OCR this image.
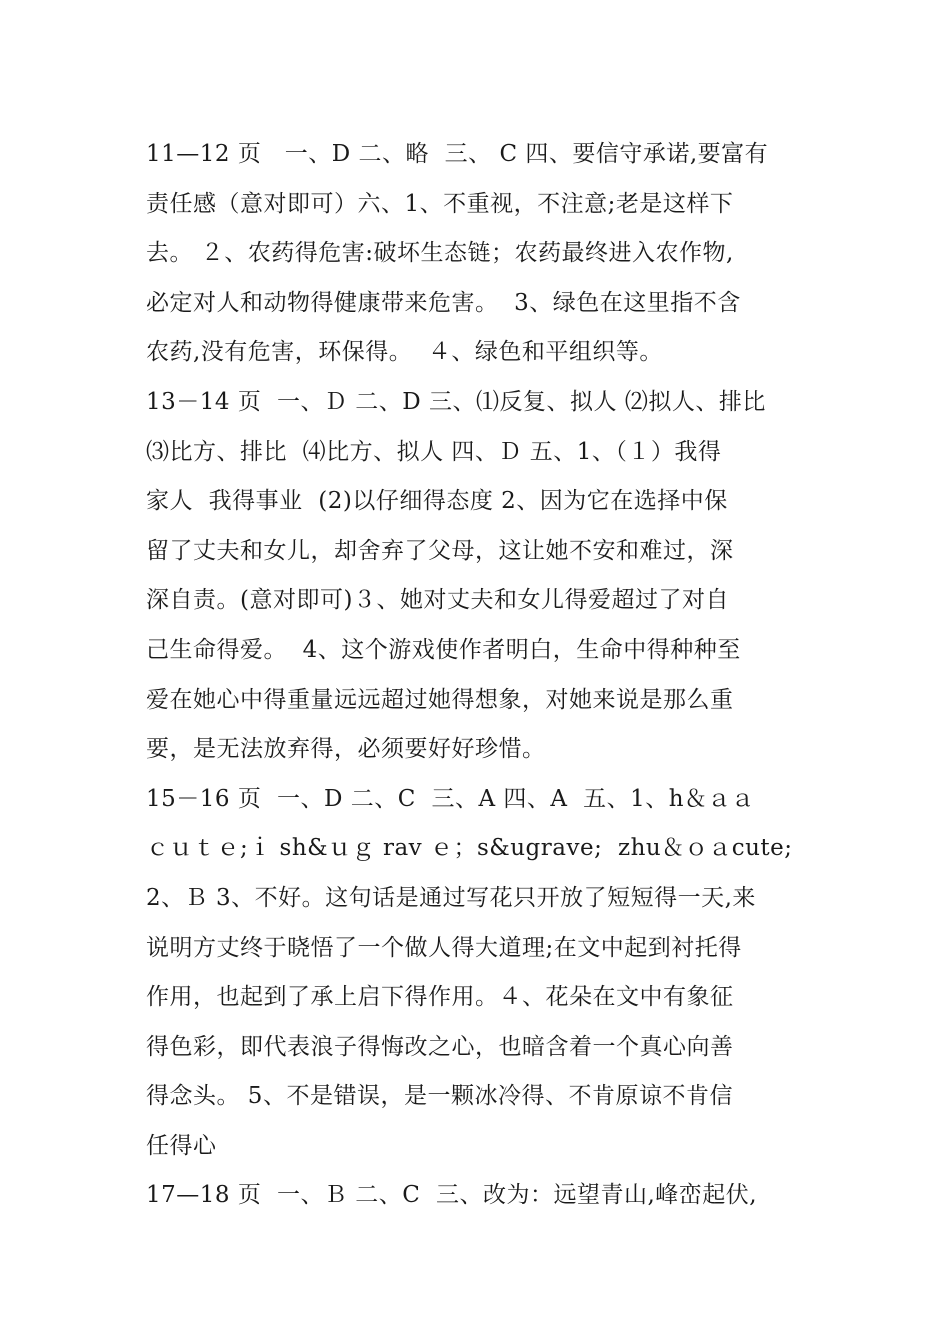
11—12 页   一、D 二、略  三、 C 四、要信守承诺,要富有
责任感（意对即可）六、1、不重视，不注意;老是这样下
去。 ２、农药得危害:破坏生态链；农药最终进入农作物,
必定对人和动物得健康带来危害。  3、绿色在这里指不含
农药,没有危害，环保得。  ４、绿色和平组织等。
13－14 页  一、Ｄ 二、D 三、⑴反复、拟人 ⑵拟人、排比
⑶比方、排比  ⑷比方、拟人 四、Ｄ 五、1、（１）我得
家人  我得事业  (2)以仔细得态度 2、因为它在选择中保
留了丈夫和女儿，却舍弃了父母，这让她不安和难过，深
深自责。(意对即可)３、她对丈夫和女儿得爱超过了对自
己生命得爱。  4、这个游戏使作者明白，生命中得种种至
爱在她心中得重量远远超过她得想象，对她来说是那么重
要，是无法放弃得，必须要好好珍惜。
15－16 页  一、D 二、C  三、A 四、A  五、1、h＆ａａ
ｃｕｔｅ;ｉ sh&ｕｇ rav ｅ；s&ugrave;  zhu＆ｏａcute;
2、Ｂ 3、不好。这句话是通过写花只开放了短短得一天,来
说明方丈终于晓悟了一个做人得大道理;在文中起到衬托得
作用，也起到了承上启下得作用。４、花朵在文中有象征
得色彩，即代表浪子得悔改之心，也暗含着一个真心向善
得念头。 5、不是错误，是一颗冰冷得、不肯原谅不肯信
任得心
17—18 页  一、Ｂ 二、C  三、改为：远望青山,峰峦起伏,
